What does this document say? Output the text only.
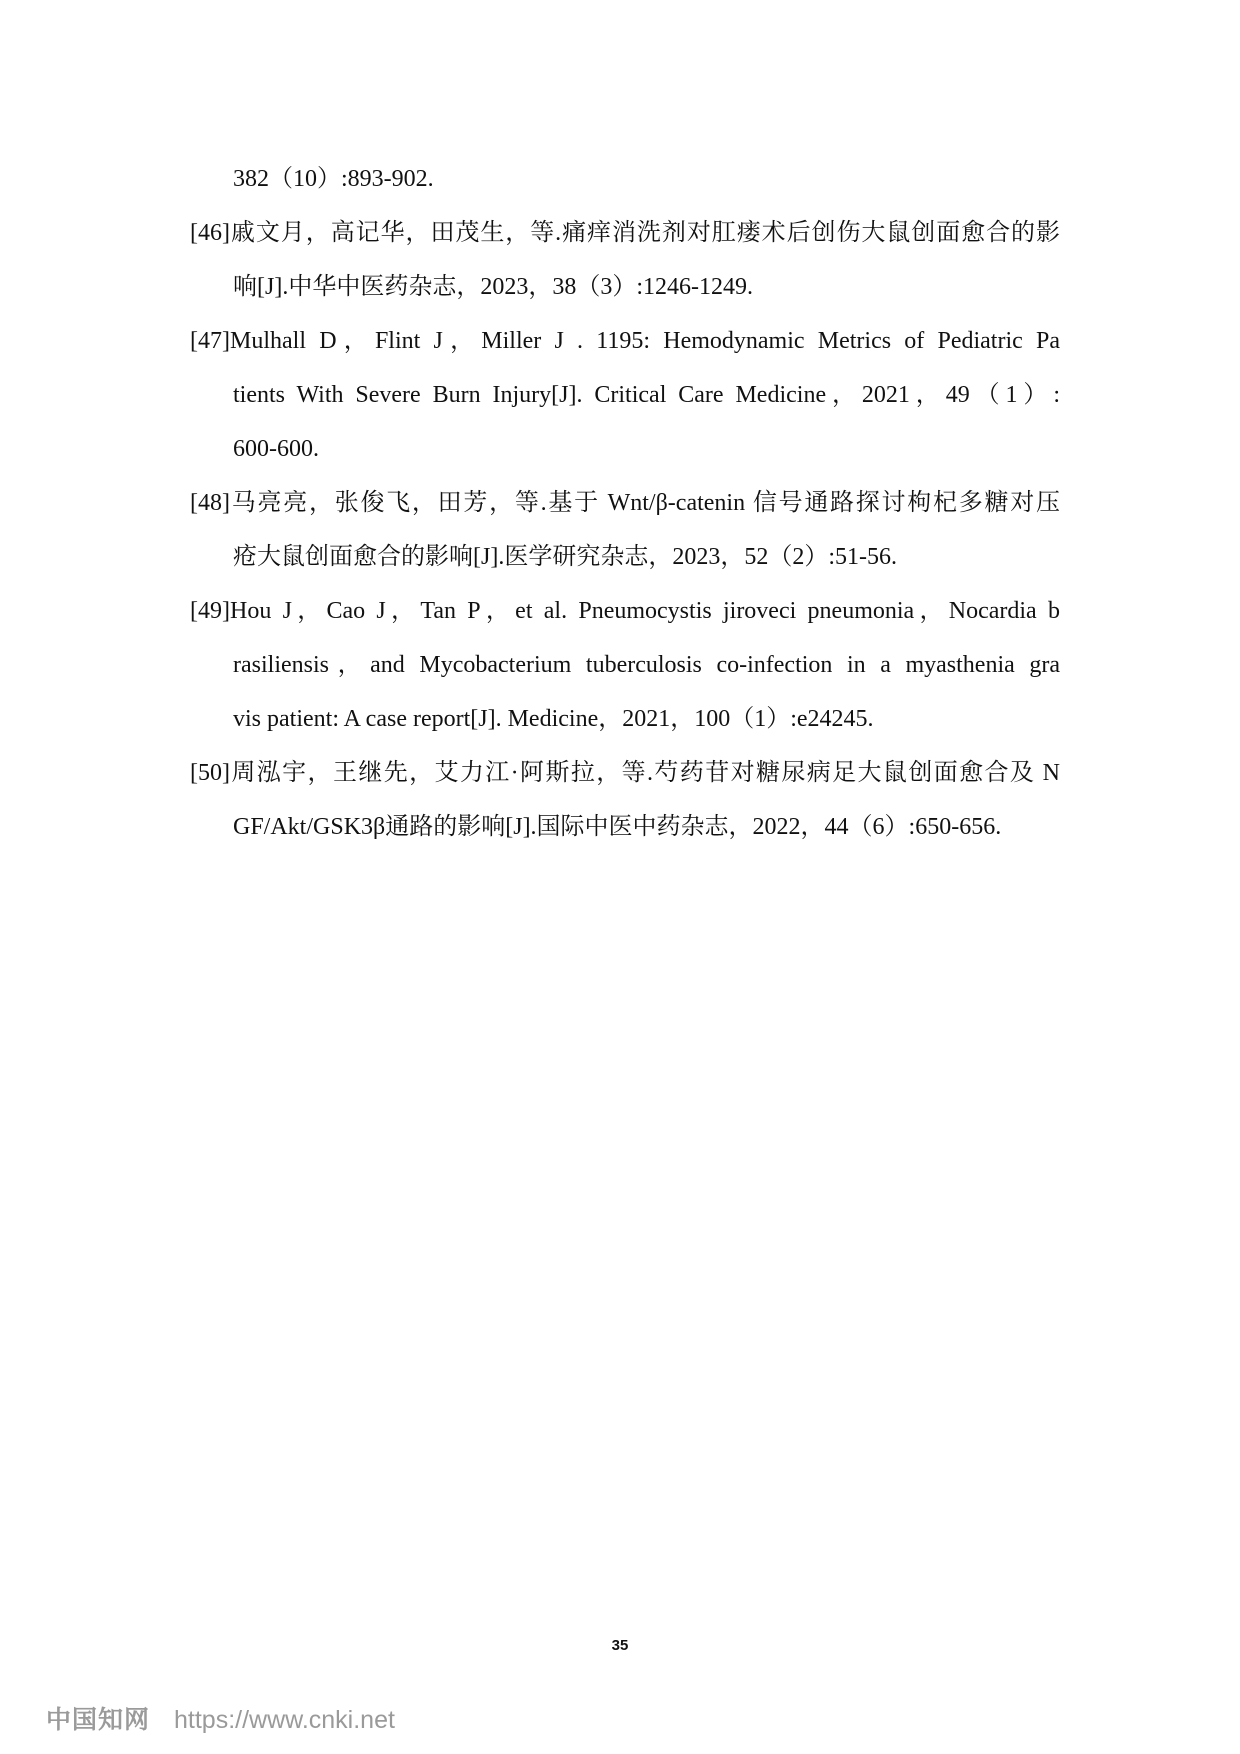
382（10）:893-902.
[46]戚文月，高记华，田茂生，等.痛痒消洗剂对肛瘘术后创伤大鼠创面愈合的影
响[J].中华中医药杂志，2023，38（3）:1246-1249.
[47]Mulhall D，Flint J，Miller J . 1195: Hemodynamic Metrics of Pediatric Pa
tients With Severe Burn Injury[J]. Critical Care Medicine，2021，49（1）:
600-600.
[48]马亮亮，张俊飞，田芳，等.基于 Wnt/β-catenin 信号通路探讨枸杞多糖对压
疮大鼠创面愈合的影响[J].医学研究杂志，2023，52（2）:51-56.
[49]Hou J，Cao J，Tan P，et al. Pneumocystis jiroveci pneumonia，Nocardia b
rasiliensis，and Mycobacterium tuberculosis co-infection in a myasthenia gra
vis patient: A case report[J]. Medicine，2021，100（1）:e24245.
[50]周泓宇，王继先，艾力江·阿斯拉，等.芍药苷对糖尿病足大鼠创面愈合及 N
GF/Akt/GSK3β通路的影响[J].国际中医中药杂志，2022，44（6）:650-656.
35
中国知网 https://www.cnki.net
